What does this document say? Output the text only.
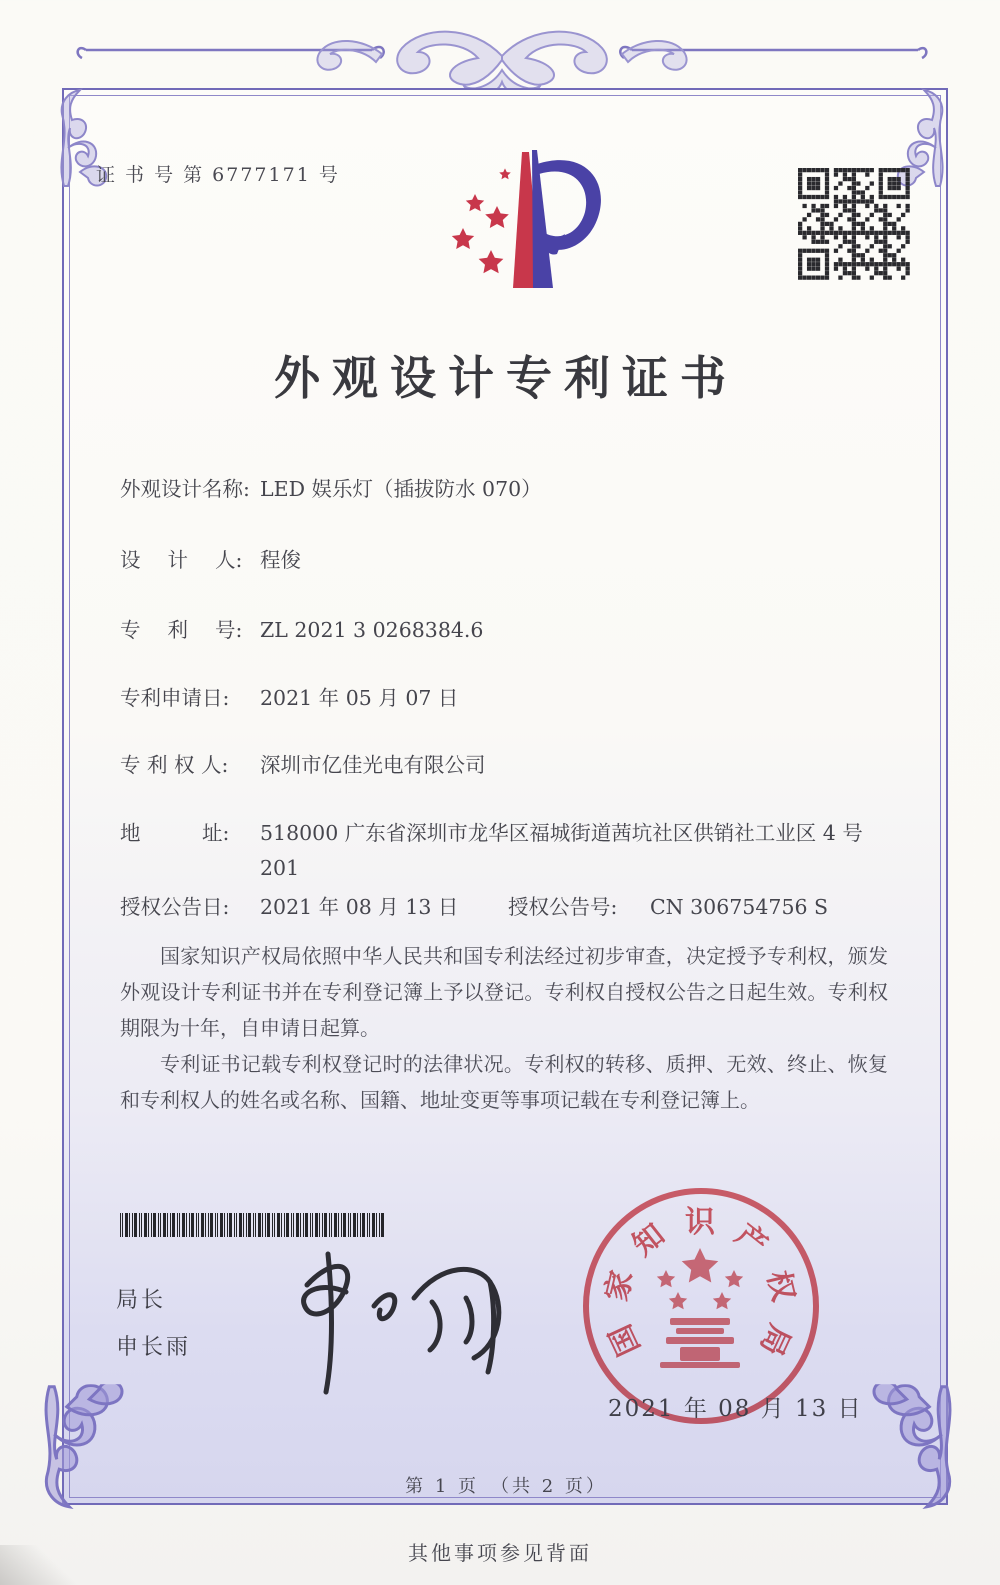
证 书 号 第 6777171 号
外观设计专利证书
外观设计名称: LED 娱乐灯（插拔防水 070）
设　 计　 人: 程俊
专　 利　 号: ZL 2021 3 0268384.6
专利申请日:	2021 年 05 月 07 日
专 利 权 人:	深圳市亿佳光电有限公司
地　　　址:	518000 广东省深圳市龙华区福城街道茜坑社区供销社工业区 4 号 201
授权公告日:	2021 年 08 月 13 日	授权公告号:	CN 306754756 S

国家知识产权局依照中华人民共和国专利法经过初步审查，决定授予专利权，颁发外观设计专利证书并在专利登记簿上予以登记。专利权自授权公告之日起生效。专利权期限为十年，自申请日起算。

专利证书记载专利权登记时的法律状况。专利权的转移、质押、无效、终止、恢复和专利权人的姓名或名称、国籍、地址变更等事项记载在专利登记簿上。

局长
申长雨	国
家
知 识 产
权
局
2021 年 08 月 13 日
第 1 页　（共 2 页）
其他事项参见背面
